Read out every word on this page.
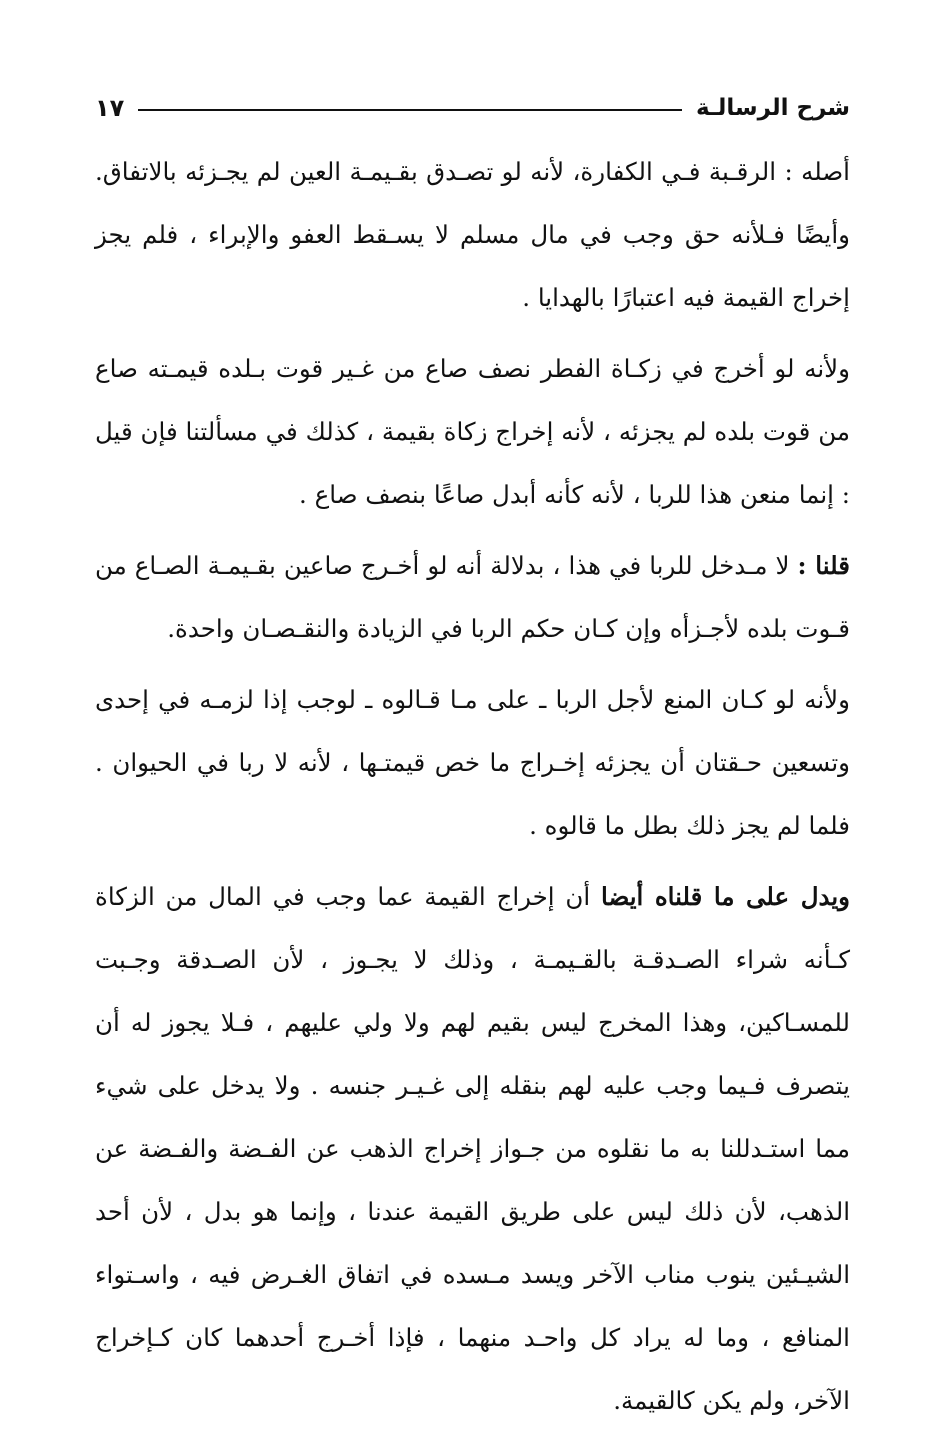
شرح الرسالـة
١٧

أصله : الرقـبة فـي الكفارة، لأنه لو تصـدق بقـيمـة العين لم يجـزئه بالاتفاق. وأيضًا فـلأنه حق وجب في مال مسلم لا يسـقط العفو والإبراء ، فلم يجز إخراج القيمة فيه اعتبارًا بالهدايا .

ولأنه لو أخرج في زكـاة الفطر نصف صاع من غـير قوت بـلده قيمـته صاع من قوت بلده لم يجزئه ، لأنه إخراج زكاة بقيمة ، كذلك في مسألتنا فإن قيل : إنما منعن هذا للربا ، لأنه كأنه أبدل صاعًا بنصف صاع .

قلنا : لا مـدخل للربا في هذا ، بدلالة أنه لو أخـرج صاعين بقـيمـة الصـاع من قـوت بلده لأجـزأه وإن كـان حكم الربا في الزيادة والنقـصـان واحدة.

ولأنه لو كـان المنع لأجل الربا ـ على مـا قـالوه ـ لوجب إذا لزمـه في إحدى وتسعين حـقتان أن يجزئه إخـراج ما خص قيمتـها ، لأنه لا ربا في الحيوان . فلما لم يجز ذلك بطل ما قالوه .

ويدل على ما قلناه أيضا أن إخراج القيمة عما وجب في المال من الزكاة كـأنه شراء الصـدقـة بالقـيمـة ، وذلك لا يجـوز ، لأن الصـدقة وجـبت للمسـاكين، وهذا المخرج ليس بقيم لهم ولا ولي عليهم ، فـلا يجوز له أن يتصرف فـيما وجب عليه لهم بنقله إلى غـيـر جنسه . ولا يدخل على شيء مما استـدللنا به ما نقلوه من جـواز إخراج الذهب عن الفـضة والفـضة عن الذهب، لأن ذلك ليس على طريق القيمة عندنا ، وإنما هو بدل ، لأن أحد الشيـئين ينوب مناب الآخر ويسد مـسده في اتفاق الغـرض فيه ، واسـتواء المنافع ، وما له يراد كل واحـد منهما ، فإذا أخـرج أحدهما كان كـإخراج الآخر، ولم يكن كالقيمة.
